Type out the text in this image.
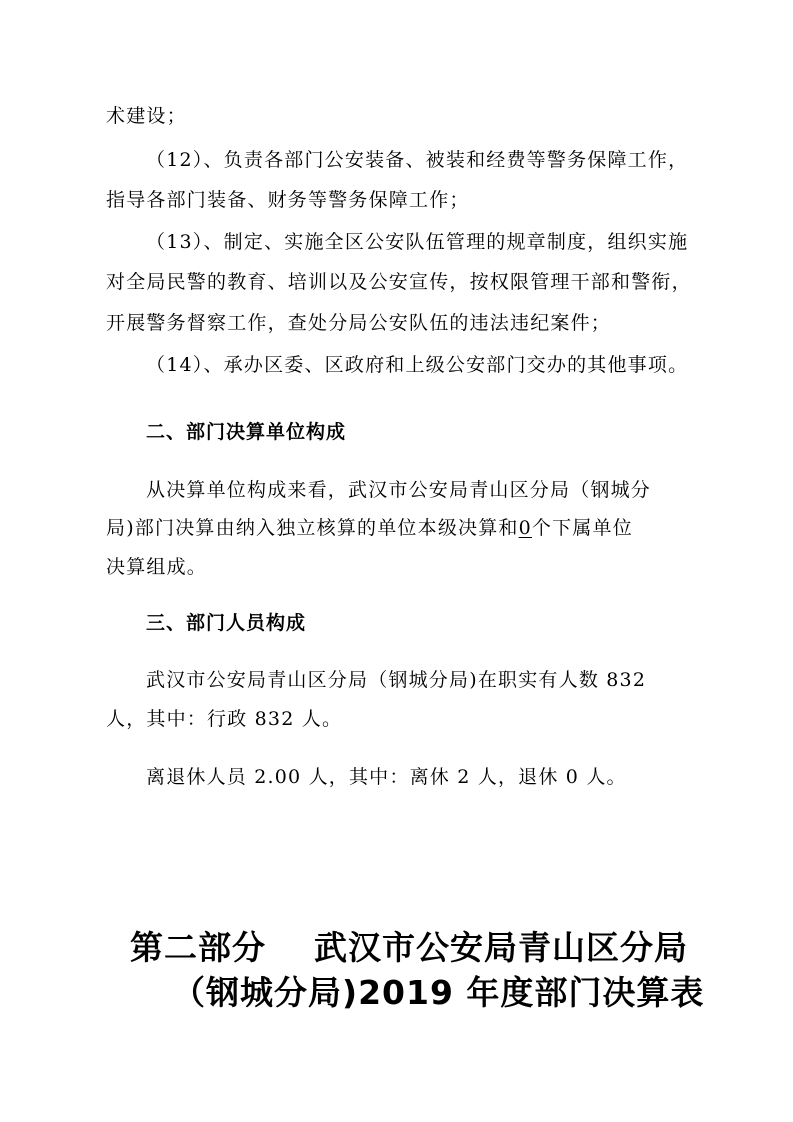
术建设；
（12）、负责各部门公安装备、被装和经费等警务保障工作，
指导各部门装备、财务等警务保障工作；
（13）、制定、实施全区公安队伍管理的规章制度，组织实施
对全局民警的教育、培训以及公安宣传，按权限管理干部和警衔，
开展警务督察工作，查处分局公安队伍的违法违纪案件；
（14）、承办区委、区政府和上级公安部门交办的其他事项。
二、部门决算单位构成
从决算单位构成来看，武汉市公安局青山区分局（钢城分
局)部门决算由纳入独立核算的单位本级决算和0个下属单位
决算组成。
三、部门人员构成
武汉市公安局青山区分局（钢城分局)在职实有人数 832
人，其中：行政 832 人。
离退休人员 2.00 人，其中：离休 2 人，退休 0 人。
第二部分 武汉市公安局青山区分局
（钢城分局)2019 年度部门决算表
